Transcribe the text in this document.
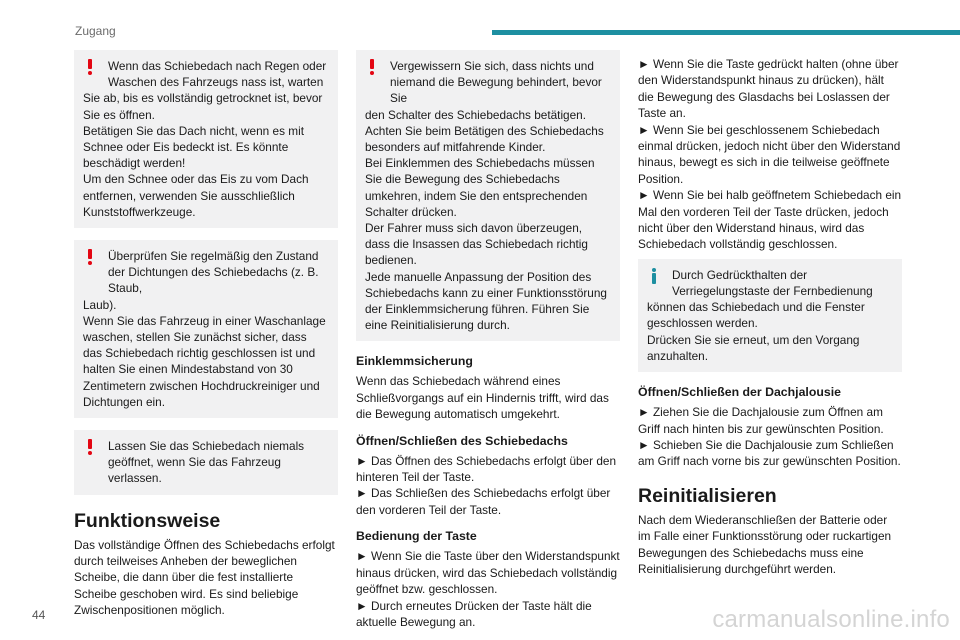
Zugang
Wenn das Schiebedach nach Regen oder Waschen des Fahrzeugs nass ist, warten
Sie ab, bis es vollständig getrocknet ist, bevor Sie es öffnen.
Betätigen Sie das Dach nicht, wenn es mit Schnee oder Eis bedeckt ist. Es könnte beschädigt werden!
Um den Schnee oder das Eis zu vom Dach entfernen, verwenden Sie ausschließlich Kunststoffwerkzeuge.
Überprüfen Sie regelmäßig den Zustand der Dichtungen des Schiebedachs (z. B. Staub,
Laub).
Wenn Sie das Fahrzeug in einer Waschanlage waschen, stellen Sie zunächst sicher, dass das Schiebedach richtig geschlossen ist und halten Sie einen Mindestabstand von 30 Zentimetern zwischen Hochdruckreiniger und Dichtungen ein.
Lassen Sie das Schiebedach niemals geöffnet, wenn Sie das Fahrzeug verlassen.
Funktionsweise

Das vollständige Öffnen des Schiebedachs erfolgt durch teilweises Anheben der beweglichen Scheibe, die dann über die fest installierte Scheibe geschoben wird. Es sind beliebige Zwischenpositionen möglich.

Vergewissern Sie sich, dass nichts und niemand die Bewegung behindert, bevor Sie
den Schalter des Schiebedachs betätigen.
Achten Sie beim Betätigen des Schiebedachs besonders auf mitfahrende Kinder.
Bei Einklemmen des Schiebedachs müssen Sie die Bewegung des Schiebedachs umkehren, indem Sie den entsprechenden Schalter drücken.
Der Fahrer muss sich davon überzeugen, dass die Insassen das Schiebedach richtig bedienen.
Jede manuelle Anpassung der Position des Schiebedachs kann zu einer Funktionsstörung der Einklemmsicherung führen. Führen Sie eine Reinitialisierung durch.
Einklemmsicherung

Wenn das Schiebedach während eines Schließvorgangs auf ein Hindernis trifft, wird das die Bewegung automatisch umgekehrt.

Öffnen/Schließen des Schiebedachs

► Das Öffnen des Schiebedachs erfolgt über den hinteren Teil der Taste.
► Das Schließen des Schiebedachs erfolgt über den vorderen Teil der Taste.

Bedienung der Taste

► Wenn Sie die Taste über den Widerstandspunkt hinaus drücken, wird das Schiebedach vollständig geöffnet bzw. geschlossen.
► Durch erneutes Drücken der Taste hält die aktuelle Bewegung an.

► Wenn Sie die Taste gedrückt halten (ohne über den Widerstandspunkt hinaus zu drücken), hält die Bewegung des Glasdachs bei Loslassen der Taste an.
► Wenn Sie bei geschlossenem Schiebedach einmal drücken, jedoch nicht über den Widerstand hinaus, bewegt es sich in die teilweise geöffnete Position.
► Wenn Sie bei halb geöffnetem Schiebedach ein Mal den vorderen Teil der Taste drücken, jedoch nicht über den Widerstand hinaus, wird das Schiebedach vollständig geschlossen.

Durch Gedrückthalten der Verriegelungstaste der Fernbedienung
können das Schiebedach und die Fenster geschlossen werden.
Drücken Sie sie erneut, um den Vorgang anzuhalten.
Öffnen/Schließen der Dachjalousie

► Ziehen Sie die Dachjalousie zum Öffnen am Griff nach hinten bis zur gewünschten Position.
► Schieben Sie die Dachjalousie zum Schließen am Griff nach vorne bis zur gewünschten Position.

Reinitialisieren

Nach dem Wiederanschließen der Batterie oder im Falle einer Funktionsstörung oder ruckartigen Bewegungen des Schiebedachs muss eine Reinitialisierung durchgeführt werden.

44	carmanualsonline.info
